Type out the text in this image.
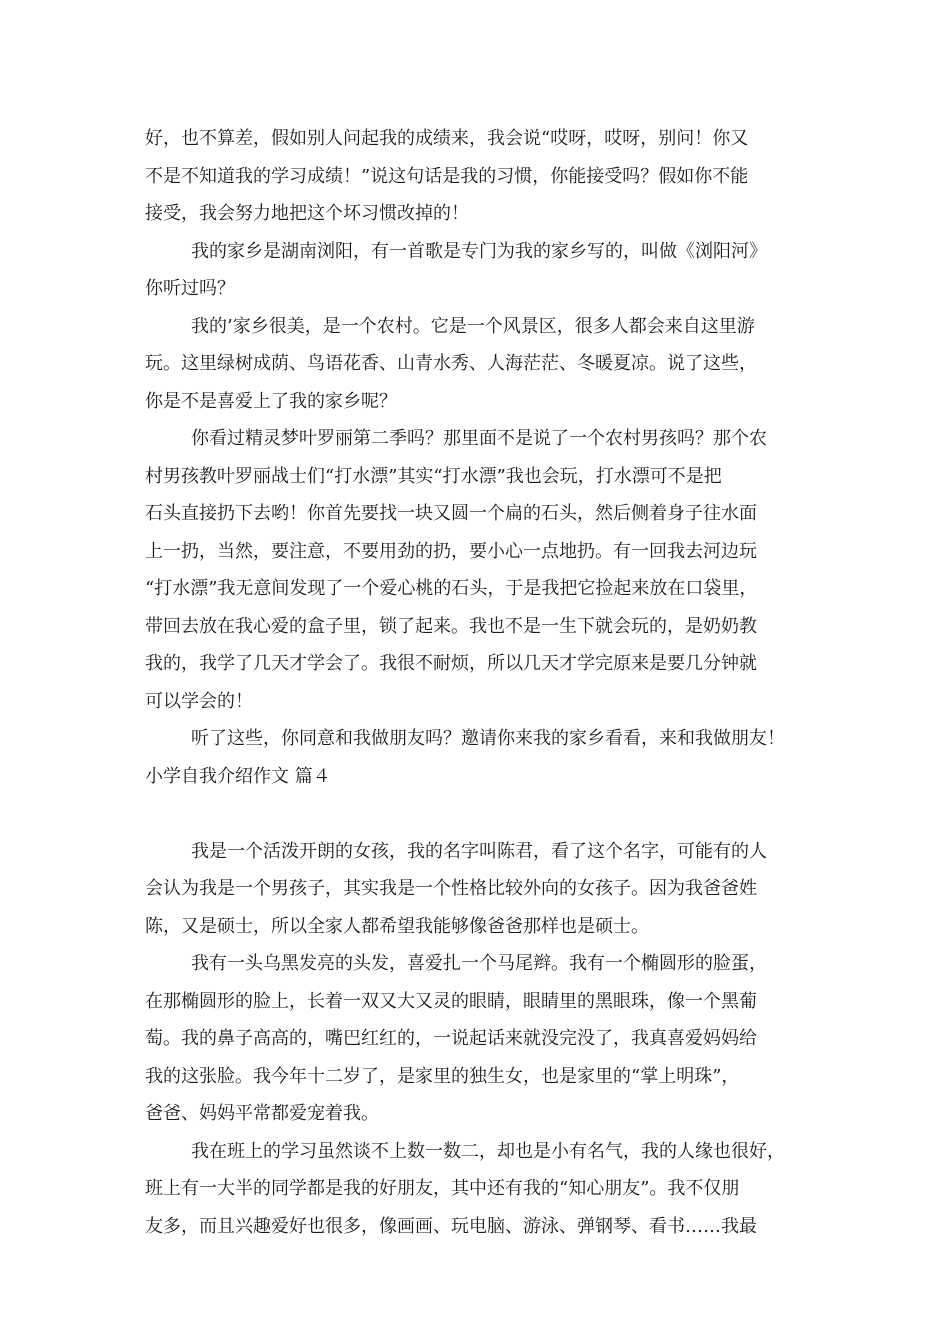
好，也不算差，假如别人问起我的成绩来，我会说“哎呀，哎呀，别问！你又
不是不知道我的学习成绩！”说这句话是我的习惯，你能接受吗？假如你不能
接受，我会努力地把这个坏习惯改掉的！
我的家乡是湖南浏阳，有一首歌是专门为我的家乡写的，叫做《浏阳河》
你听过吗？
我的’家乡很美，是一个农村。它是一个风景区，很多人都会来自这里游
玩。这里绿树成荫、鸟语花香、山青水秀、人海茫茫、冬暖夏凉。说了这些，
你是不是喜爱上了我的家乡呢？
你看过精灵梦叶罗丽第二季吗？那里面不是说了一个农村男孩吗？那个农
村男孩教叶罗丽战士们“打水漂”其实“打水漂”我也会玩，打水漂可不是把
石头直接扔下去哟！你首先要找一块又圆一个扁的石头，然后侧着身子往水面
上一扔，当然，要注意，不要用劲的扔，要小心一点地扔。有一回我去河边玩
“打水漂”我无意间发现了一个爱心桃的石头，于是我把它捡起来放在口袋里，
带回去放在我心爱的盒子里，锁了起来。我也不是一生下就会玩的，是奶奶教
我的，我学了几天才学会了。我很不耐烦，所以几天才学完原来是要几分钟就
可以学会的！
听了这些，你同意和我做朋友吗？邀请你来我的家乡看看，来和我做朋友！
小学自我介绍作文 篇４
我是一个活泼开朗的女孩，我的名字叫陈君，看了这个名字，可能有的人
会认为我是一个男孩子，其实我是一个性格比较外向的女孩子。因为我爸爸姓
陈，又是硕士，所以全家人都希望我能够像爸爸那样也是硕士。
我有一头乌黑发亮的头发，喜爱扎一个马尾辫。我有一个椭圆形的脸蛋，
在那椭圆形的脸上，长着一双又大又灵的眼睛，眼睛里的黑眼珠，像一个黑葡
萄。我的鼻子高高的，嘴巴红红的，一说起话来就没完没了，我真喜爱妈妈给
我的这张脸。我今年十二岁了，是家里的独生女，也是家里的“掌上明珠”，
爸爸、妈妈平常都爱宠着我。
我在班上的学习虽然谈不上数一数二，却也是小有名气，我的人缘也很好，
班上有一大半的同学都是我的好朋友，其中还有我的“知心朋友”。我不仅朋
友多，而且兴趣爱好也很多，像画画、玩电脑、游泳、弹钢琴、看书……我最
